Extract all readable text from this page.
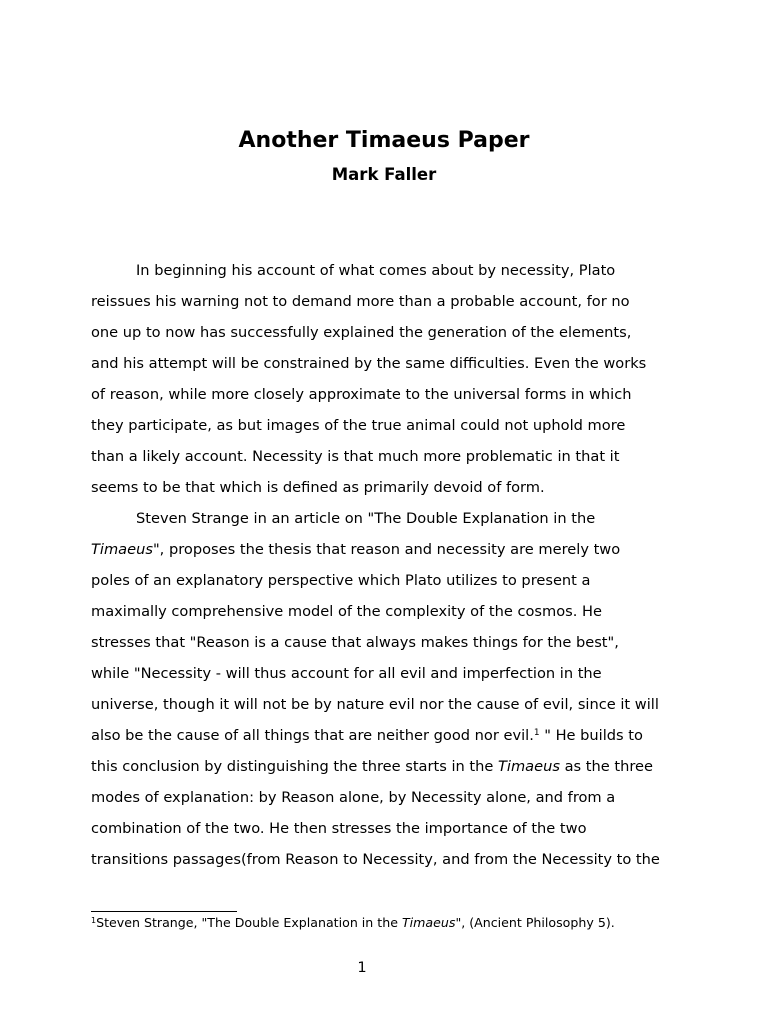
Another Timaeus Paper
Mark Faller
In beginning his account of what comes about by necessity, Plato
reissues his warning not to demand more than a probable account, for no
one up to now has successfully explained the generation of the elements,
and his attempt will be constrained by the same difficulties. Even the works
of reason, while more closely approximate to the universal forms in which
they participate, as but images of the true animal could not uphold more
than a likely account. Necessity is that much more problematic in that it
seems to be that which is defined as primarily devoid of form.
Steven Strange in an article on "The Double Explanation in the
Timaeus", proposes the thesis that reason and necessity are merely two
poles of an explanatory perspective which Plato utilizes to present a
maximally comprehensive model of the complexity of the cosmos. He
stresses that "Reason is a cause that always makes things for the best",
while "Necessity - will thus account for all evil and imperfection in the
universe, though it will not be by nature evil nor the cause of evil, since it will
also be the cause of all things that are neither good nor evil.$^1$ " He builds to
this conclusion by distinguishing the three starts in the Timaeus as the three
modes of explanation: by Reason alone, by Necessity alone, and from a
combination of the two. He then stresses the importance of the two
transitions passages(from Reason to Necessity, and from the Necessity to the
$^1$Steven Strange, "The Double Explanation in the Timaeus", (Ancient Philosophy 5).
1
